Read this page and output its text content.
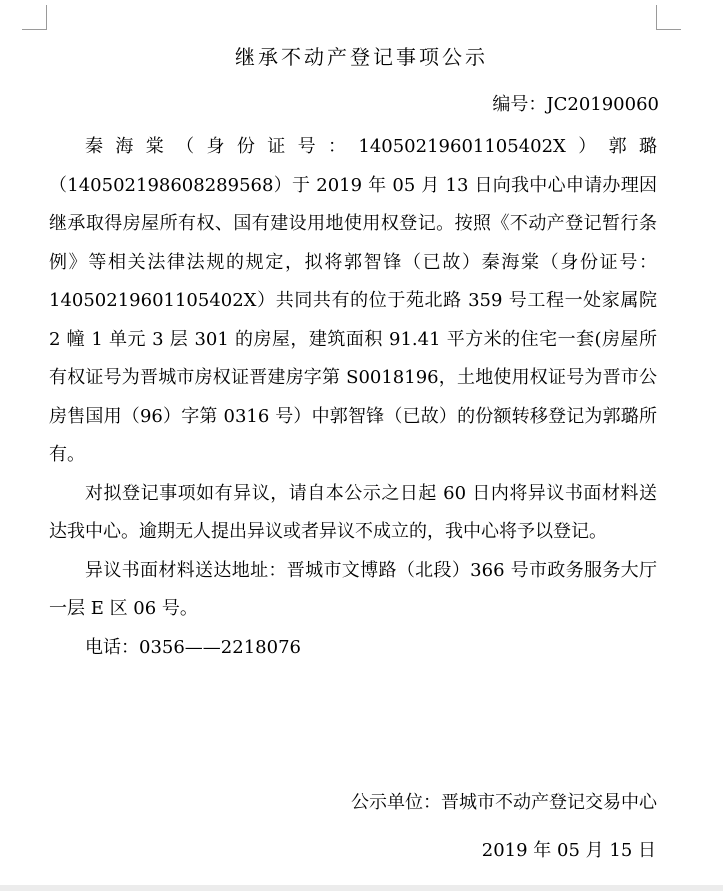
继承不动产登记事项公示
编号：JC20190060

秦海棠（身份证号：14050219601105402X）郭璐（140502198608289568）于 2019 年 05 月 13 日向我中心申请办理因继承取得房屋所有权、国有建设用地使用权登记。按照《不动产登记暂行条例》等相关法律法规的规定，拟将郭智锋（已故）秦海棠（身份证号：14050219601105402X）共同共有的位于苑北路 359 号工程一处家属院 2 幢 1 单元 3 层 301 的房屋，建筑面积 91.41 平方米的住宅一套(房屋所有权证号为晋城市房权证晋建房字第 S0018196，土地使用权证号为晋市公房售国用（96）字第 0316 号）中郭智锋（已故）的份额转移登记为郭璐所有。

对拟登记事项如有异议，请自本公示之日起 60 日内将异议书面材料送达我中心。逾期无人提出异议或者异议不成立的，我中心将予以登记。

异议书面材料送达地址：晋城市文博路（北段）366 号市政务服务大厅一层 E 区 06 号。

电话：0356——2218076

公示单位：晋城市不动产登记交易中心
2019 年 05 月 15 日
